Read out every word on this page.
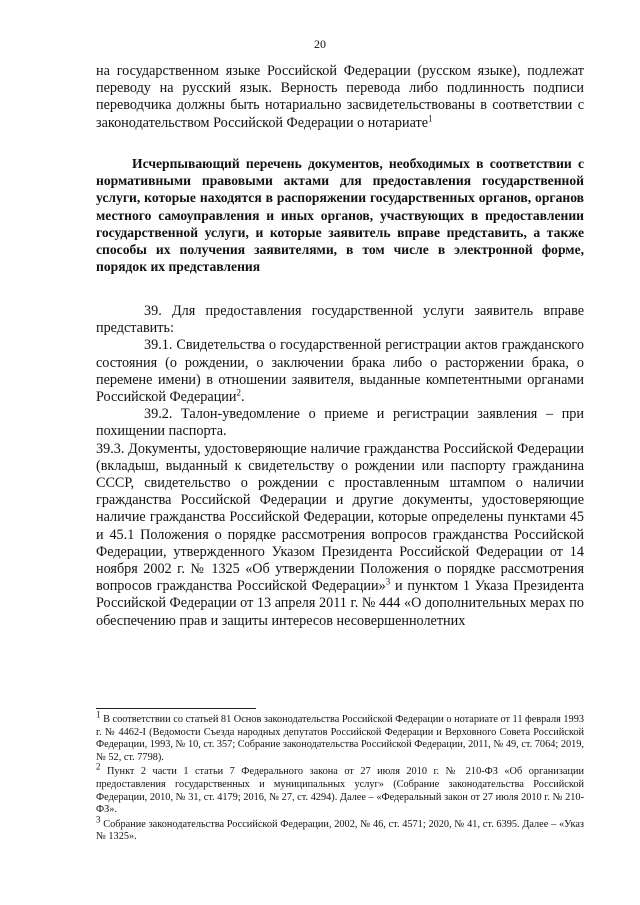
20
на государственном языке Российской Федерации (русском языке), подлежат переводу на русский язык. Верность перевода либо подлинность подписи переводчика должны быть нотариально засвидетельствованы в соответствии с законодательством Российской Федерации о нотариате$^1$
Исчерпывающий перечень документов, необходимых в соответствии с нормативными правовыми актами для предоставления государственной услуги, которые находятся в распоряжении государственных органов, органов местного самоуправления и иных органов, участвующих в предоставлении государственной услуги, и которые заявитель вправе представить, а также способы их получения заявителями, в том числе в электронной форме, порядок их представления

39. Для предоставления государственной услуги заявитель вправе представить:

39.1. Свидетельства о государственной регистрации актов гражданского состояния (о рождении, о заключении брака либо о расторжении брака, о перемене имени) в отношении заявителя, выданные компетентными органами Российской Федерации$^2$.

39.2. Талон-уведомление о приеме и регистрации заявления – при похищении паспорта.

39.3. Документы, удостоверяющие наличие гражданства Российской Федерации (вкладыш, выданный к свидетельству о рождении или паспорту гражданина СССР, свидетельство о рождении с проставленным штампом о наличии гражданства Российской Федерации и другие документы, удостоверяющие наличие гражданства Российской Федерации, которые определены пунктами 45 и 45.1 Положения о порядке рассмотрения вопросов гражданства Российской Федерации, утвержденного Указом Президента Российской Федерации от 14 ноября 2002 г. № 1325 «Об утверждении Положения о порядке рассмотрения вопросов гражданства Российской Федерации»$^3$ и пунктом 1 Указа Президента Российской Федерации от 13 апреля 2011 г. № 444 «О дополнительных мерах по обеспечению прав и защиты интересов несовершеннолетних

$^1$ В соответствии со статьей 81 Основ законодательства Российской Федерации о нотариате от 11 февраля 1993 г. № 4462-I (Ведомости Съезда народных депутатов Российской Федерации и Верховного Совета Российской Федерации, 1993, № 10, ст. 357; Собрание законодательства Российской Федерации, 2011, № 49, ст. 7064; 2019, № 52, ст. 7798).

$^2$ Пункт 2 части 1 статьи 7 Федерального закона от 27 июля 2010 г. № 210-ФЗ «Об организации предоставления государственных и муниципальных услуг» (Собрание законодательства Российской Федерации, 2010, № 31, ст. 4179; 2016, № 27, ст. 4294). Далее – «Федеральный закон от 27 июля 2010 г. № 210-ФЗ».

$^3$ Собрание законодательства Российской Федерации, 2002, № 46, ст. 4571; 2020, № 41, ст. 6395. Далее – «Указ № 1325».
